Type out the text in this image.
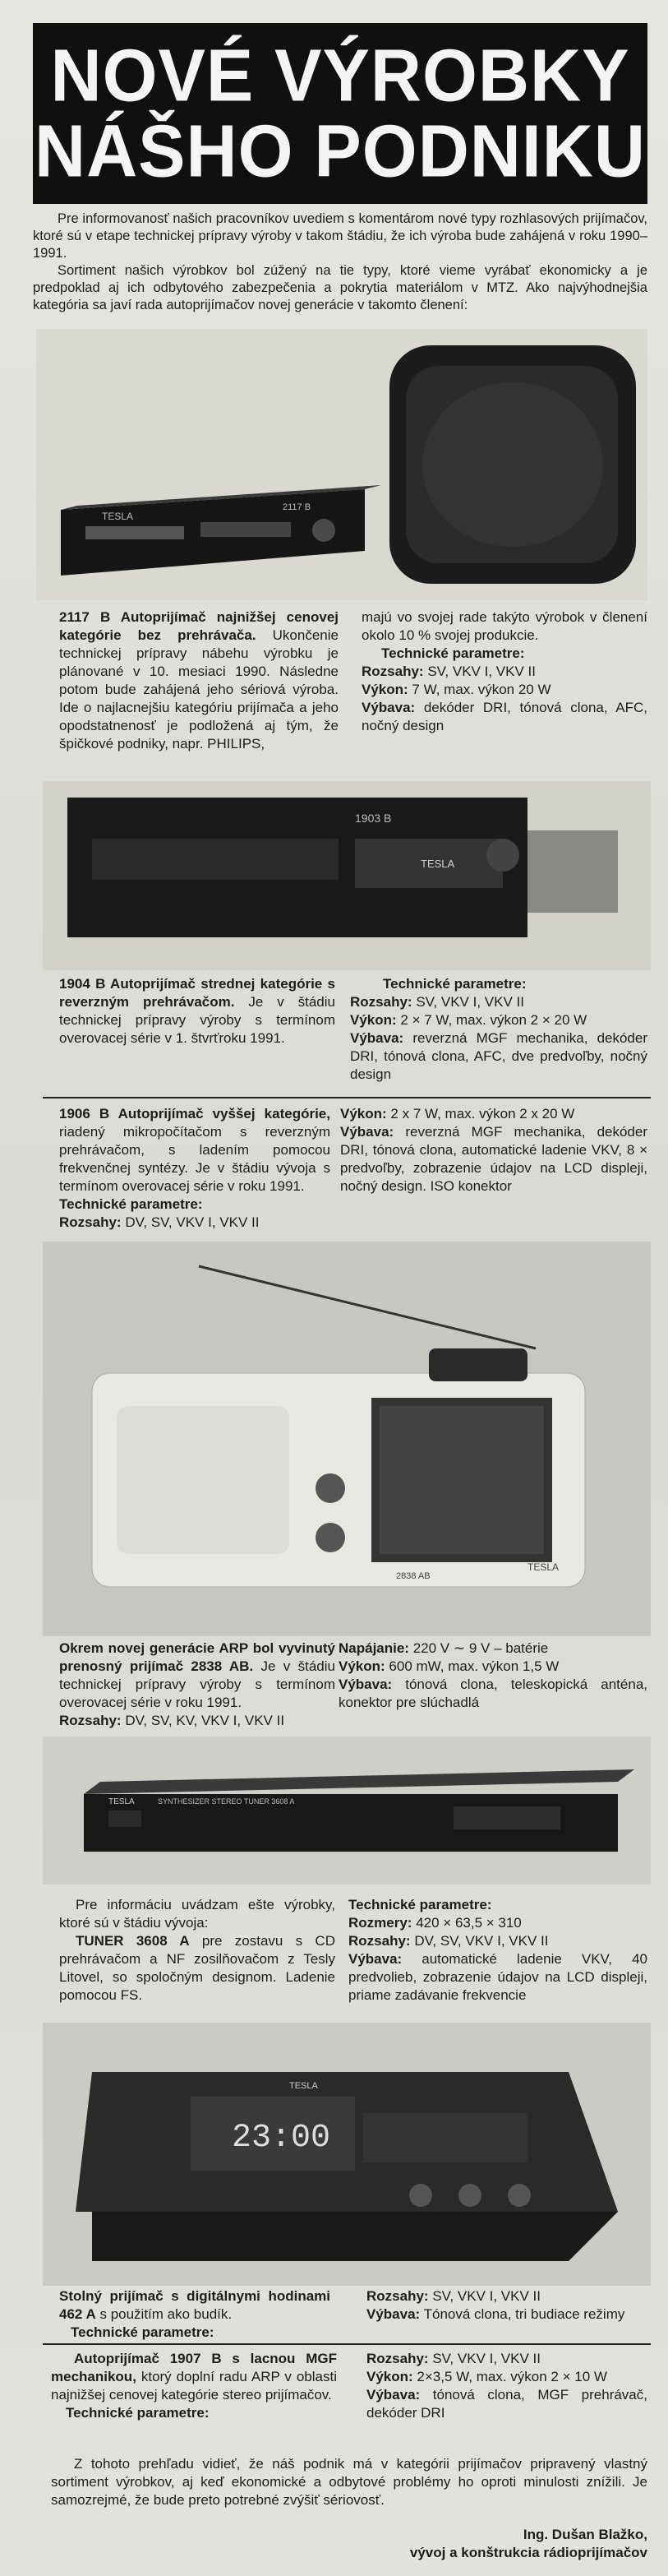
NOVÉ VÝROBKY
NÁŠHO PODNIKU

Pre informovanosť našich pracovníkov uvediem s komentárom nové typy rozhlasových prijímačov, ktoré sú v etape technickej prípravy výroby v takom štádiu, že ich výroba bude zahájená v roku 1990–1991.

Sortiment našich výrobkov bol zúžený na tie typy, ktoré vieme vyrábať ekonomicky a je predpoklad aj ich odbytového zabezpečenia a pokrytia materiálom v MTZ. Ako najvýhodnejšia kategória sa javí rada autoprijímačov novej generácie v takomto členení:

TESLA
2117 B

2117 B Autoprijímač najnižšej cenovej kategórie bez prehrávača. Ukončenie technickej prípravy nábehu výrobku je plánované v 10. mesiaci 1990. Následne potom bude zahájená jeho sériová výroba. Ide o najlacnejšiu kategóriu prijímača a jeho opodstatnenosť je podložená aj tým, že špičkové podniky, napr. PHILIPS,

majú vo svojej rade takýto výrobok v členení okolo 10 % svojej produkcie.

Technické parametre:

Rozsahy: SV, VKV I, VKV II

Výkon: 7 W, max. výkon 20 W

Výbava: dekóder DRI, tónová clona, AFC, nočný design

1903 B
TESLA

1904 B Autoprijímač strednej kategórie s reverzným prehrávačom. Je v štádiu technickej prípravy výroby s termínom overovacej série v 1. štvrťroku 1991.

Technické parametre:

Rozsahy: SV, VKV I, VKV II

Výkon: 2 × 7 W, max. výkon 2 × 20 W

Výbava: reverzná MGF mechanika, dekóder DRI, tónová clona, AFC, dve predvoľby, nočný design

1906 B Autoprijímač vyššej kategórie, riadený mikropočítačom s reverzným prehrávačom, s ladením pomocou frekvenčnej syntézy. Je v štádiu vývoja s termínom overovacej série v roku 1991.

Technické parametre:

Rozsahy: DV, SV, VKV I, VKV II

Výkon: 2 x 7 W, max. výkon 2 x 20 W

Výbava: reverzná MGF mechanika, dekóder DRI, tónová clona, automatické ladenie VKV, 8 × predvoľby, zobrazenie údajov na LCD displeji, nočný design. ISO konektor

TESLA
2838 AB

Okrem novej generácie ARP bol vyvinutý prenosný prijímač 2838 AB. Je v štádiu technickej prípravy výroby s termínom overovacej série v roku 1991.

Rozsahy: DV, SV, KV, VKV I, VKV II

Napájanie: 220 V ∼ 9 V – batérie

Výkon: 600 mW, max. výkon 1,5 W

Výbava: tónová clona, teleskopická anténa, konektor pre slúchadlá

TESLA	SYNTHESIZER STEREO TUNER 3608 A

Pre informáciu uvádzam ešte výrobky, ktoré sú v štádiu vývoja:

TUNER 3608 A pre zostavu s CD prehrávačom a NF zosilňovačom z Tesly Litovel, so spoločným designom. Ladenie pomocou FS.

Technické parametre:

Rozmery: 420 × 63,5 × 310

Rozsahy: DV, SV, VKV I, VKV II

Výbava: automatické ladenie VKV, 40 predvolieb, zobrazenie údajov na LCD displeji, priame zadávanie frekvencie

23:00
TESLA

Stolný prijímač s digitálnymi hodinami 462 A s použitím ako budík.

Technické parametre:

Rozsahy: SV, VKV I, VKV II

Výbava: Tónová clona, tri budiace režimy

Autoprijímač 1907 B s lacnou MGF mechanikou, ktorý doplní radu ARP v oblasti najnižšej cenovej kategórie stereo prijímačov.

Technické parametre:

Rozsahy: SV, VKV I, VKV II

Výkon: 2×3,5 W, max. výkon 2 × 10 W

Výbava: tónová clona, MGF prehrávač, dekóder DRI

Z tohoto prehľadu vidieť, že náš podnik má v kategórii prijímačov pripravený vlastný sortiment výrobkov, aj keď ekonomické a odbytové problémy ho oproti minulosti znížili. Je samozrejmé, že bude preto potrebné zvýšiť sériovosť.

Ing. Dušan Blažko,
vývoj a konštrukcia rádioprijímačov
